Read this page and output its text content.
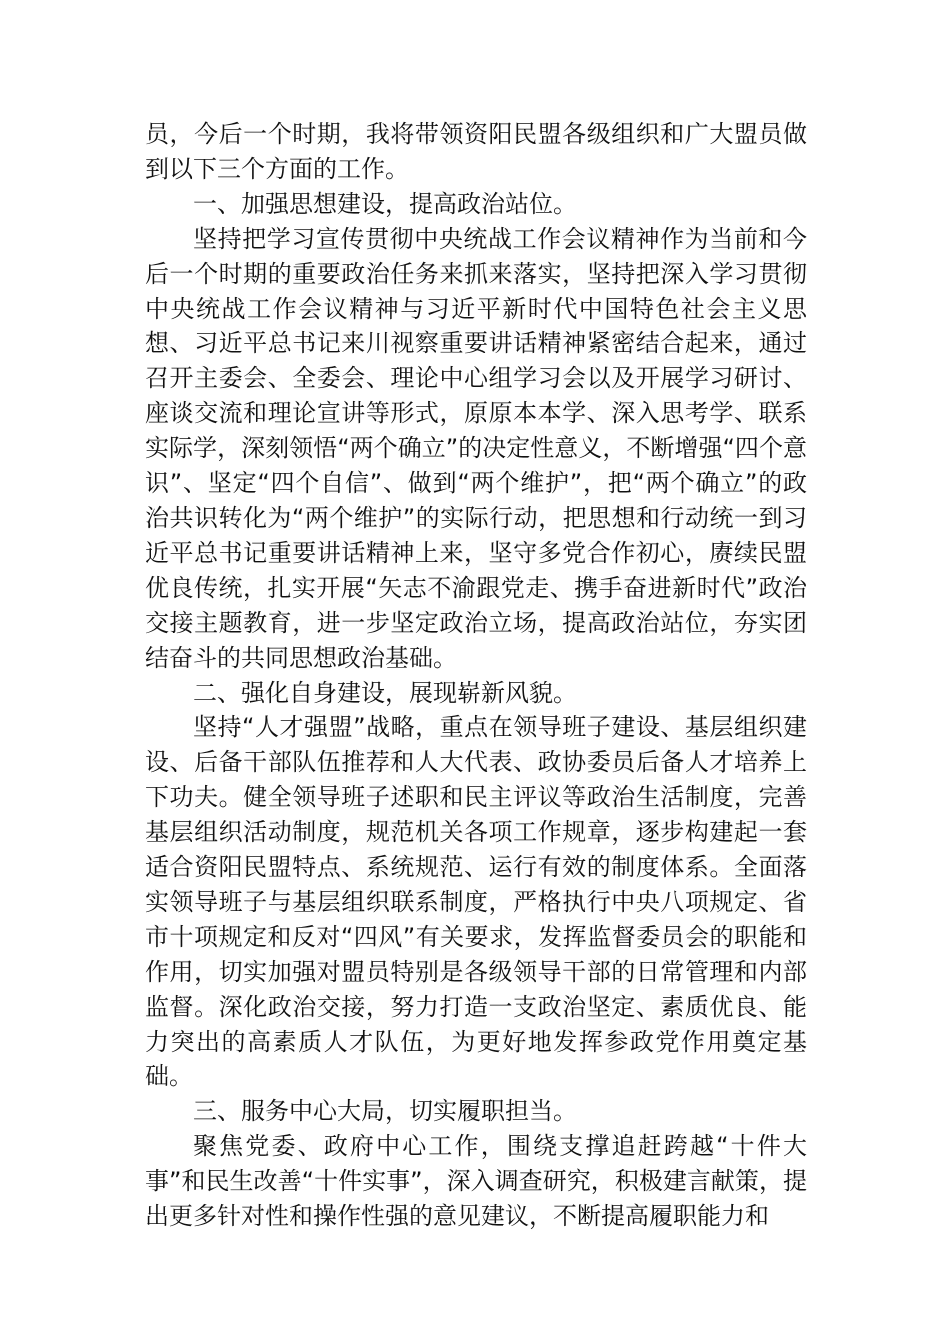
员，今后一个时期，我将带领资阳民盟各级组织和广大盟员做到以下三个方面的工作。

一、加强思想建设，提高政治站位。

坚持把学习宣传贯彻中央统战工作会议精神作为当前和今后一个时期的重要政治任务来抓来落实，坚持把深入学习贯彻中央统战工作会议精神与习近平新时代中国特色社会主义思想、习近平总书记来川视察重要讲话精神紧密结合起来，通过召开主委会、全委会、理论中心组学习会以及开展学习研讨、座谈交流和理论宣讲等形式，原原本本学、深入思考学、联系实际学，深刻领悟“两个确立”的决定性意义，不断增强“四个意识”、坚定“四个自信”、做到“两个维护”，把“两个确立”的政治共识转化为“两个维护”的实际行动，把思想和行动统一到习近平总书记重要讲话精神上来，坚守多党合作初心，赓续民盟优良传统，扎实开展“矢志不渝跟党走、携手奋进新时代”政治交接主题教育，进一步坚定政治立场，提高政治站位，夯实团结奋斗的共同思想政治基础。

二、强化自身建设，展现崭新风貌。

坚持“人才强盟”战略，重点在领导班子建设、基层组织建设、后备干部队伍推荐和人大代表、政协委员后备人才培养上下功夫。健全领导班子述职和民主评议等政治生活制度，完善基层组织活动制度，规范机关各项工作规章，逐步构建起一套适合资阳民盟特点、系统规范、运行有效的制度体系。全面落实领导班子与基层组织联系制度，严格执行中央八项规定、省市十项规定和反对“四风”有关要求，发挥监督委员会的职能和作用，切实加强对盟员特别是各级领导干部的日常管理和内部监督。深化政治交接，努力打造一支政治坚定、素质优良、能力突出的高素质人才队伍，为更好地发挥参政党作用奠定基础。

三、服务中心大局，切实履职担当。

聚焦党委、政府中心工作，围绕支撑追赶跨越“十件大事”和民生改善“十件实事”，深入调查研究，积极建言献策，提出更多针对性和操作性强的意见建议，不断提高履职能力和
